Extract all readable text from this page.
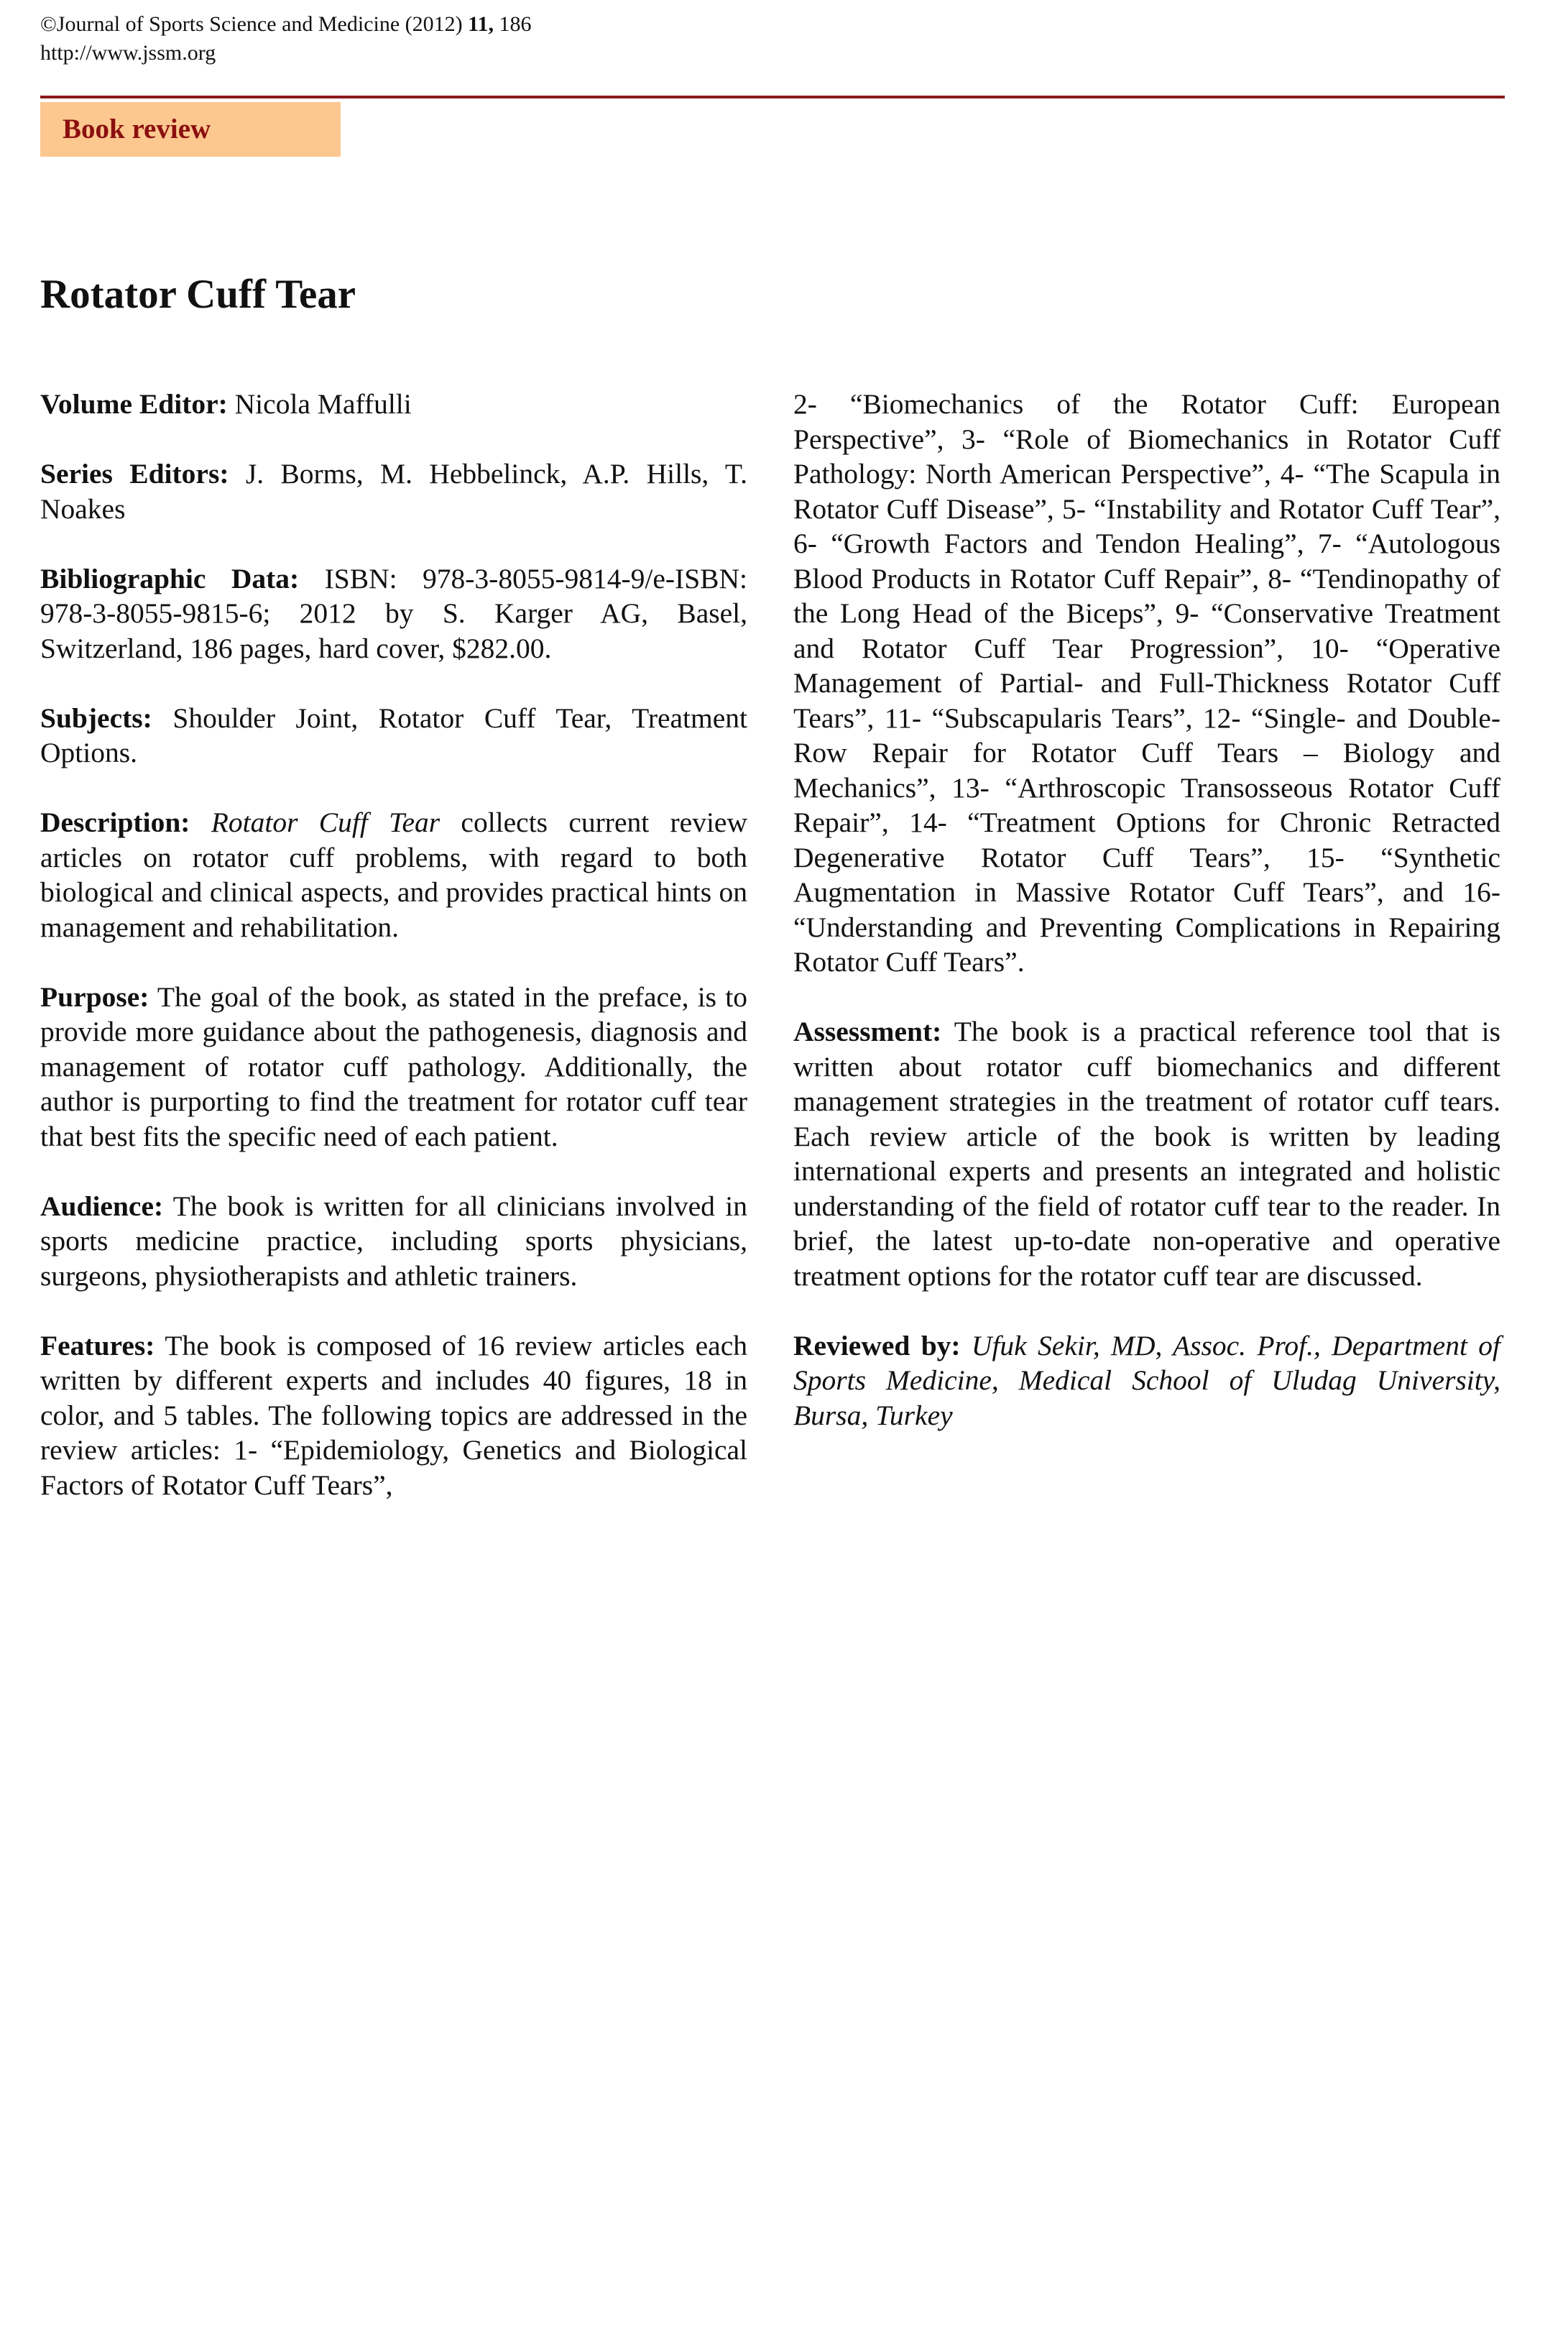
©Journal of Sports Science and Medicine (2012) 11, 186
http://www.jssm.org
Book review
Rotator Cuff Tear

Volume Editor: Nicola Maffulli

Series Editors: J. Borms, M. Hebbelinck, A.P. Hills, T. Noakes

Bibliographic Data: ISBN: 978-3-8055-9814-9/e-ISBN: 978-3-8055-9815-6; 2012 by S. Karger AG, Basel, Switzerland, 186 pages, hard cover, $282.00.

Subjects: Shoulder Joint, Rotator Cuff Tear, Treatment Options.

Description: Rotator Cuff Tear collects current review articles on rotator cuff problems, with regard to both biological and clinical aspects, and provides practical hints on management and rehabilitation.

Purpose: The goal of the book, as stated in the preface, is to provide more guidance about the pathogenesis, diagnosis and management of rotator cuff pathology. Additionally, the author is purporting to find the treatment for rotator cuff tear that best fits the specific need of each patient.

Audience: The book is written for all clinicians involved in sports medicine practice, including sports physicians, surgeons, physiotherapists and athletic trainers.

Features: The book is composed of 16 review articles each written by different experts and includes 40 figures, 18 in color, and 5 tables. The following topics are addressed in the review articles: 1- “Epidemiology, Genetics and Biological Factors of Rotator Cuff Tears”,

2- “Biomechanics of the Rotator Cuff: European Perspective”, 3- “Role of Biomechanics in Rotator Cuff Pathology: North American Perspective”, 4- “The Scapula in Rotator Cuff Disease”, 5- “Instability and Rotator Cuff Tear”, 6- “Growth Factors and Tendon Healing”, 7- “Autologous Blood Products in Rotator Cuff Repair”, 8- “Tendinopathy of the Long Head of the Biceps”, 9- “Conservative Treatment and Rotator Cuff Tear Progression”, 10- “Operative Management of Partial- and Full-Thickness Rotator Cuff Tears”, 11- “Subscapularis Tears”, 12- “Single- and Double-Row Repair for Rotator Cuff Tears – Biology and Mechanics”, 13- “Arthroscopic Transosseous Rotator Cuff Repair”, 14- “Treatment Options for Chronic Retracted Degenerative Rotator Cuff Tears”, 15- “Synthetic Augmentation in Massive Rotator Cuff Tears”, and 16- “Understanding and Preventing Complications in Repairing Rotator Cuff Tears”.

Assessment: The book is a practical reference tool that is written about rotator cuff biomechanics and different management strategies in the treatment of rotator cuff tears. Each review article of the book is written by leading international experts and presents an integrated and holistic understanding of the field of rotator cuff tear to the reader. In brief, the latest up-to-date non-operative and operative treatment options for the rotator cuff tear are discussed.

Reviewed by: Ufuk Sekir, MD, Assoc. Prof., Department of Sports Medicine, Medical School of Uludag University, Bursa, Turkey
